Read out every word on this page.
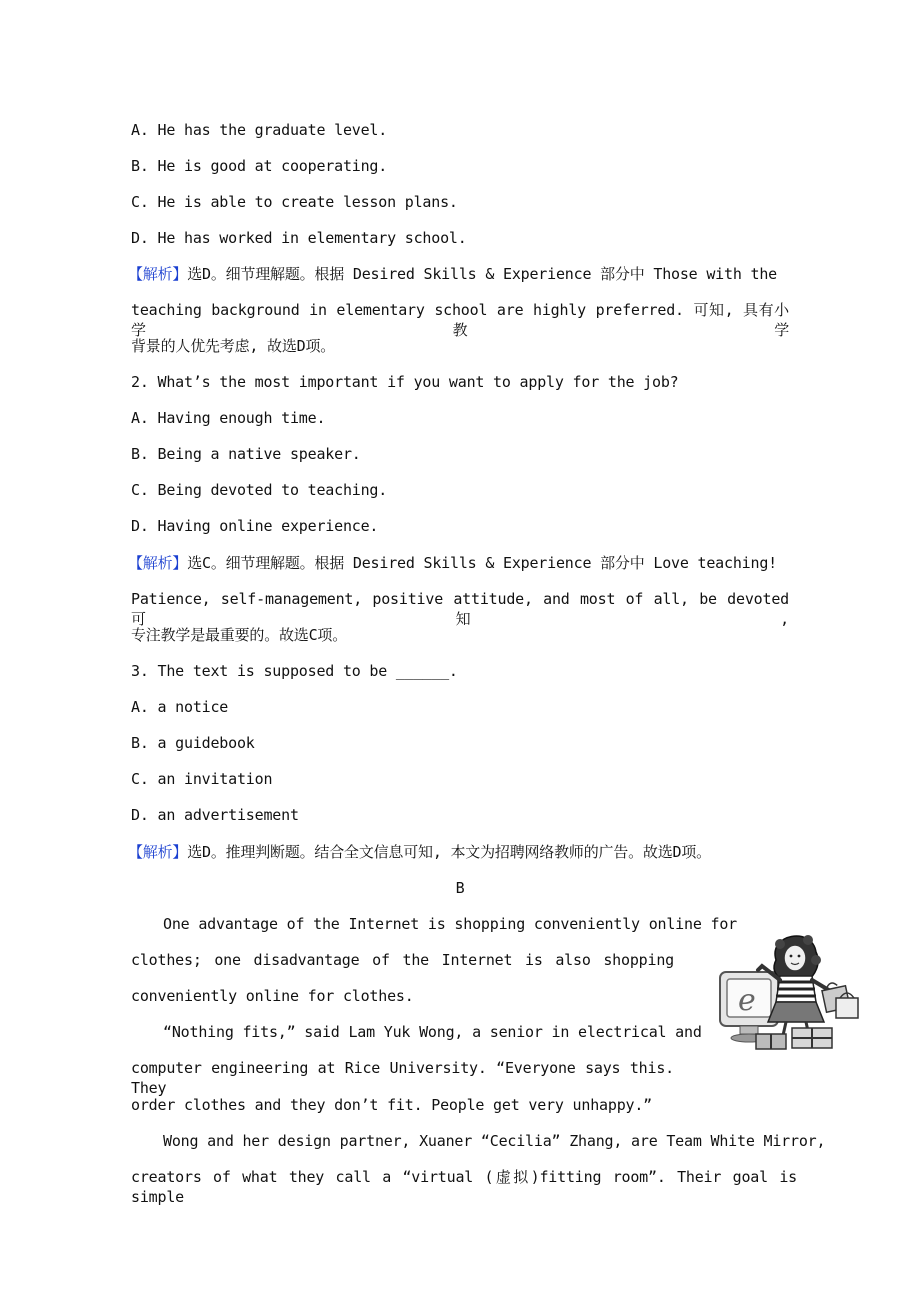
A. He has the graduate level.
B. He is good at cooperating.
C. He is able to create lesson plans.
D. He has worked in elementary school.
【解析】选D。细节理解题。根据 Desired Skills & Experience 部分中 Those with the
teaching background in elementary school are highly preferred. 可知, 具有小学教学
背景的人优先考虑, 故选D项。
2. What’s the most important if you want to apply for the job?
A. Having enough time.
B. Being a native speaker.
C. Being devoted to teaching.
D. Having online experience.
【解析】选C。细节理解题。根据 Desired Skills & Experience 部分中 Love teaching!
Patience, self-management, positive attitude, and most of all, be devoted 可知,
专注教学是最重要的。故选C项。
3. The text is supposed to be ______.
A. a notice
B. a guidebook
C. an invitation
D. an advertisement
【解析】选D。推理判断题。结合全文信息可知, 本文为招聘网络教师的广告。故选D项。
B
One advantage of the Internet is shopping conveniently online for
clothes; one disadvantage of the Internet is also shopping
conveniently online for clothes.
“Nothing fits,” said Lam Yuk Wong, a senior in electrical and
computer engineering at Rice University. “Everyone says this. They
order clothes and they don’t fit. People get very unhappy.”
Wong and her design partner, Xuaner “Cecilia” Zhang, are Team White Mirror,
creators of what they call a “virtual (虚拟)fitting room”. Their goal is simple
e
